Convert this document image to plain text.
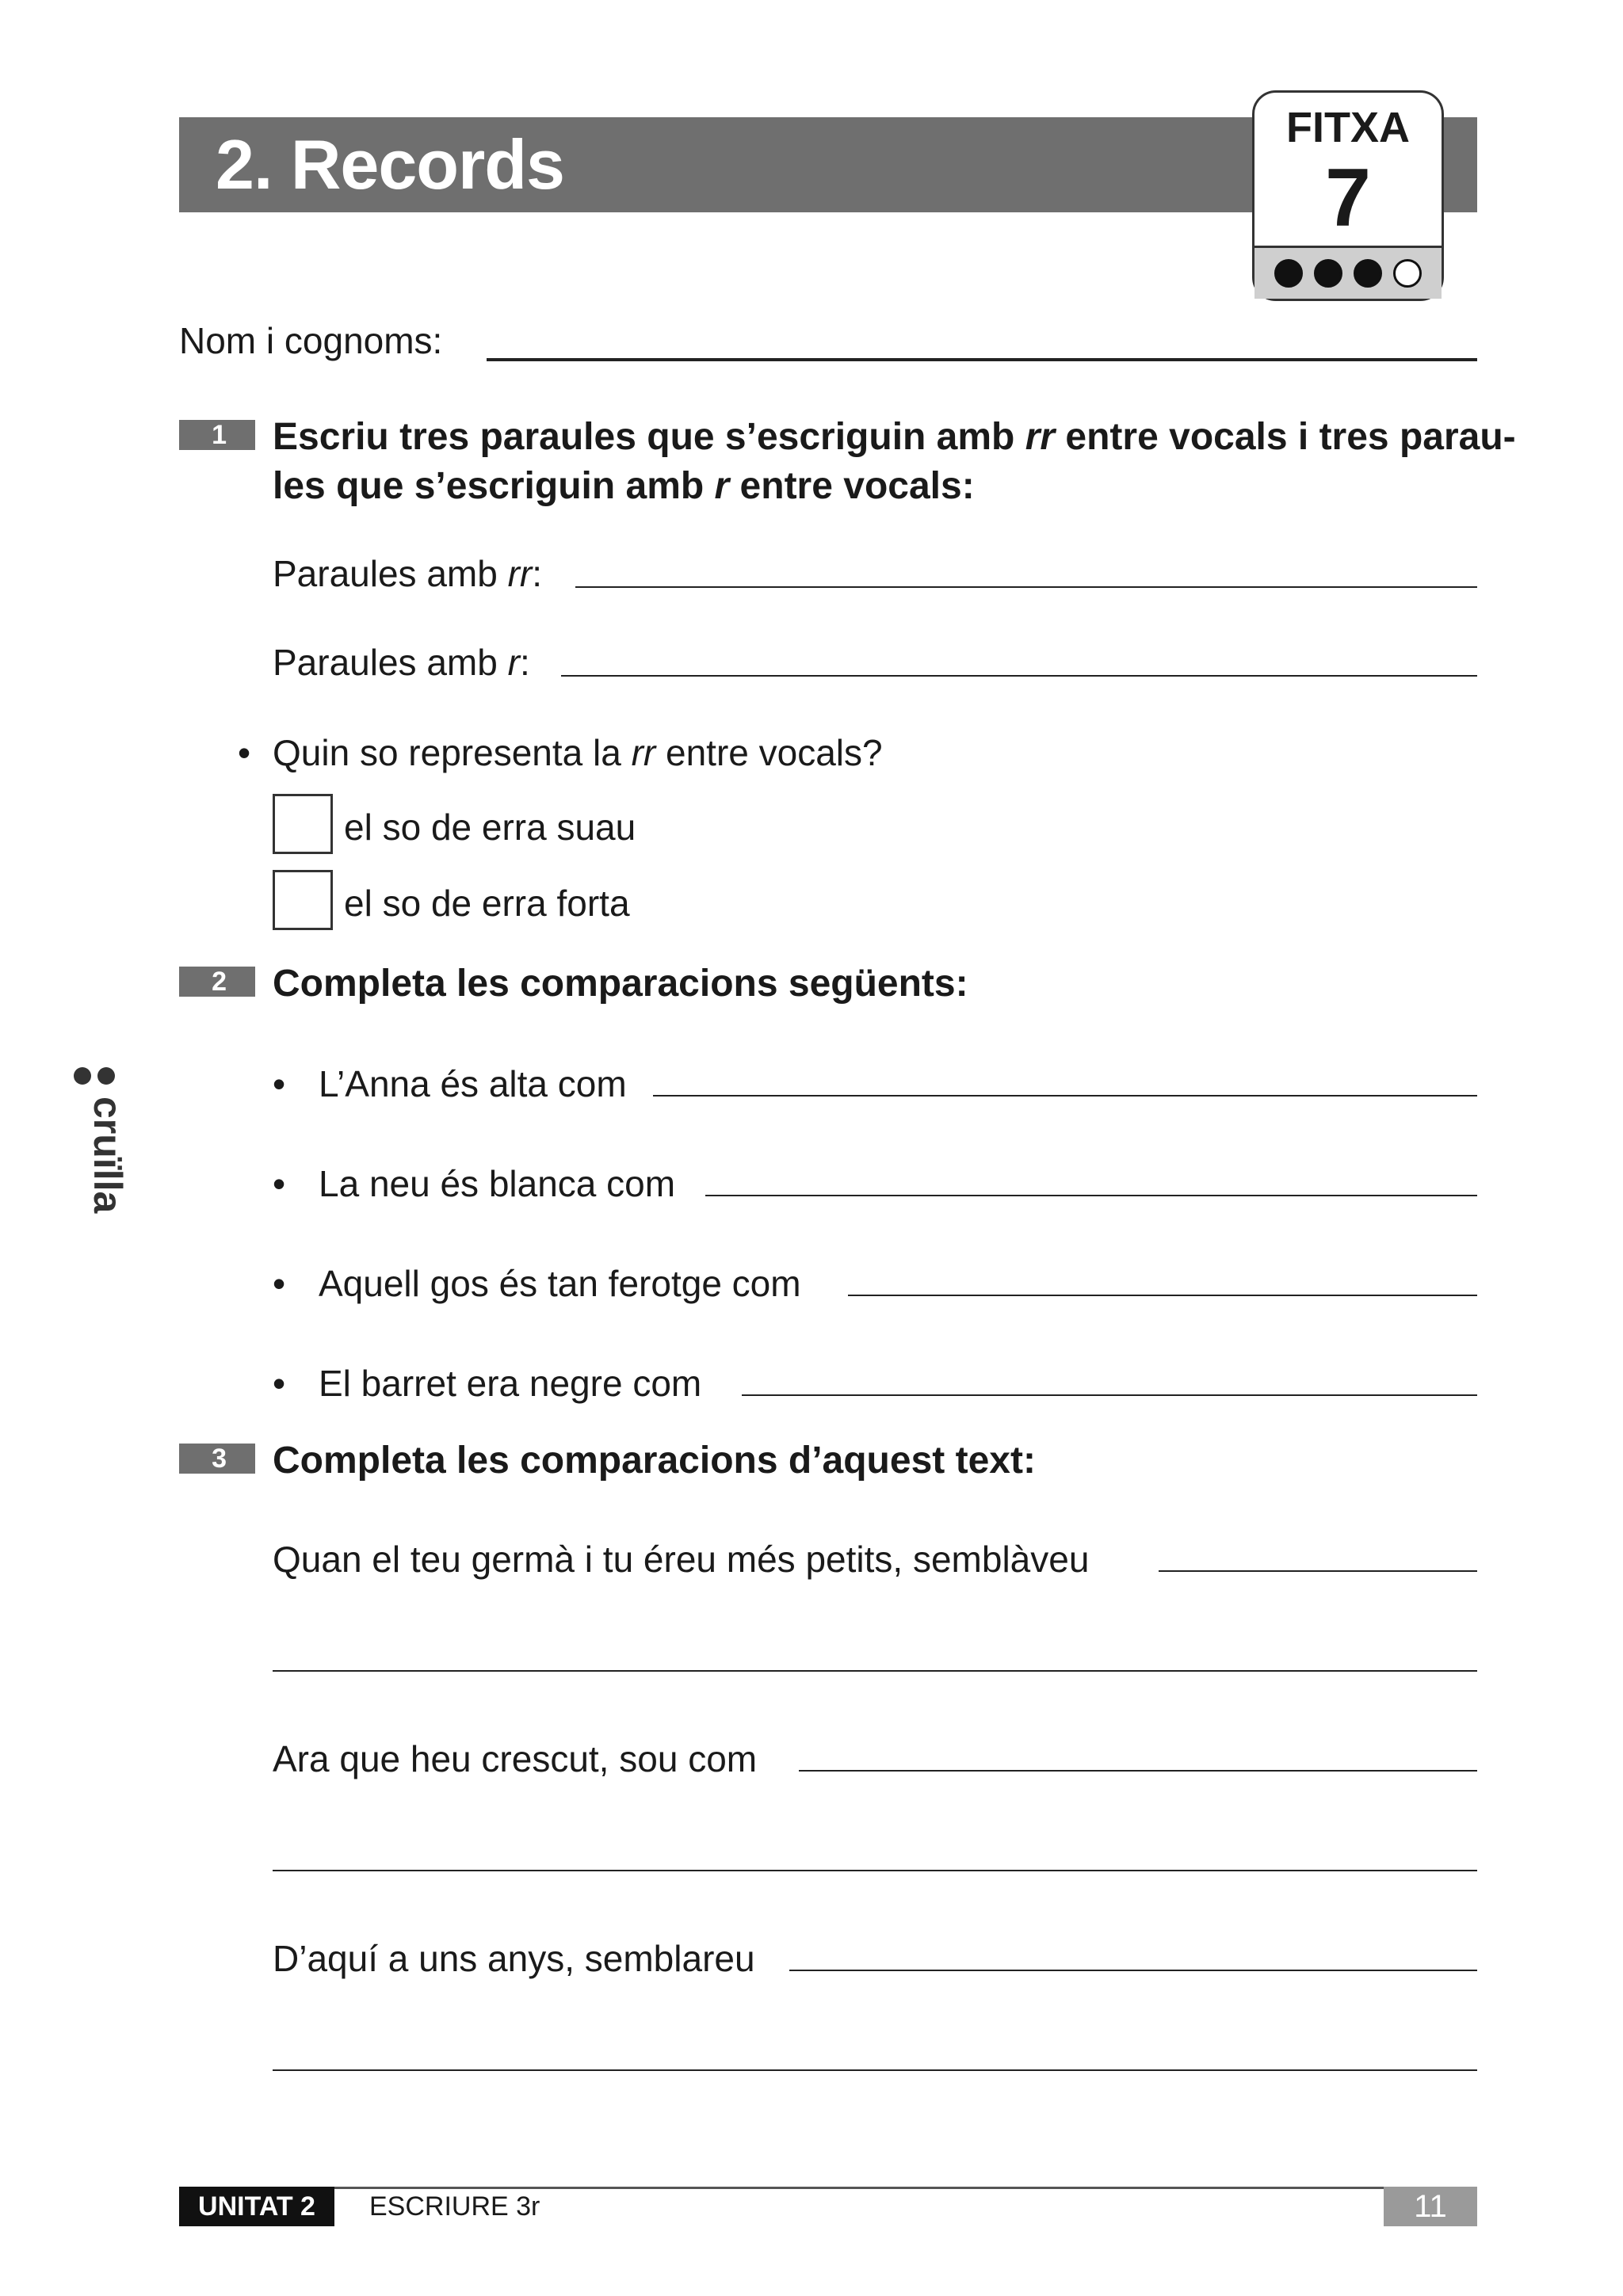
2. Records	FITXA
7
Nom i cognoms:
cruïlla
1	Escriu tres paraules que s’escriguin amb rr entre vocals i tres parau-
les que s’escriguin amb r entre vocals:
Paraules amb rr:
Paraules amb r:
• Quin so representa la rr entre vocals?
el so de erra suau
el so de erra forta
2	Completa les comparacions següents:
• L’Anna és alta com
• La neu és blanca com
• Aquell gos és tan ferotge com
• El barret era negre com
3	Completa les comparacions d’aquest text:
Quan el teu germà i tu éreu més petits, semblàveu
Ara que heu crescut, sou com
D’aquí a uns anys, semblareu
UNITAT 2	ESCRIURE 3r	11
